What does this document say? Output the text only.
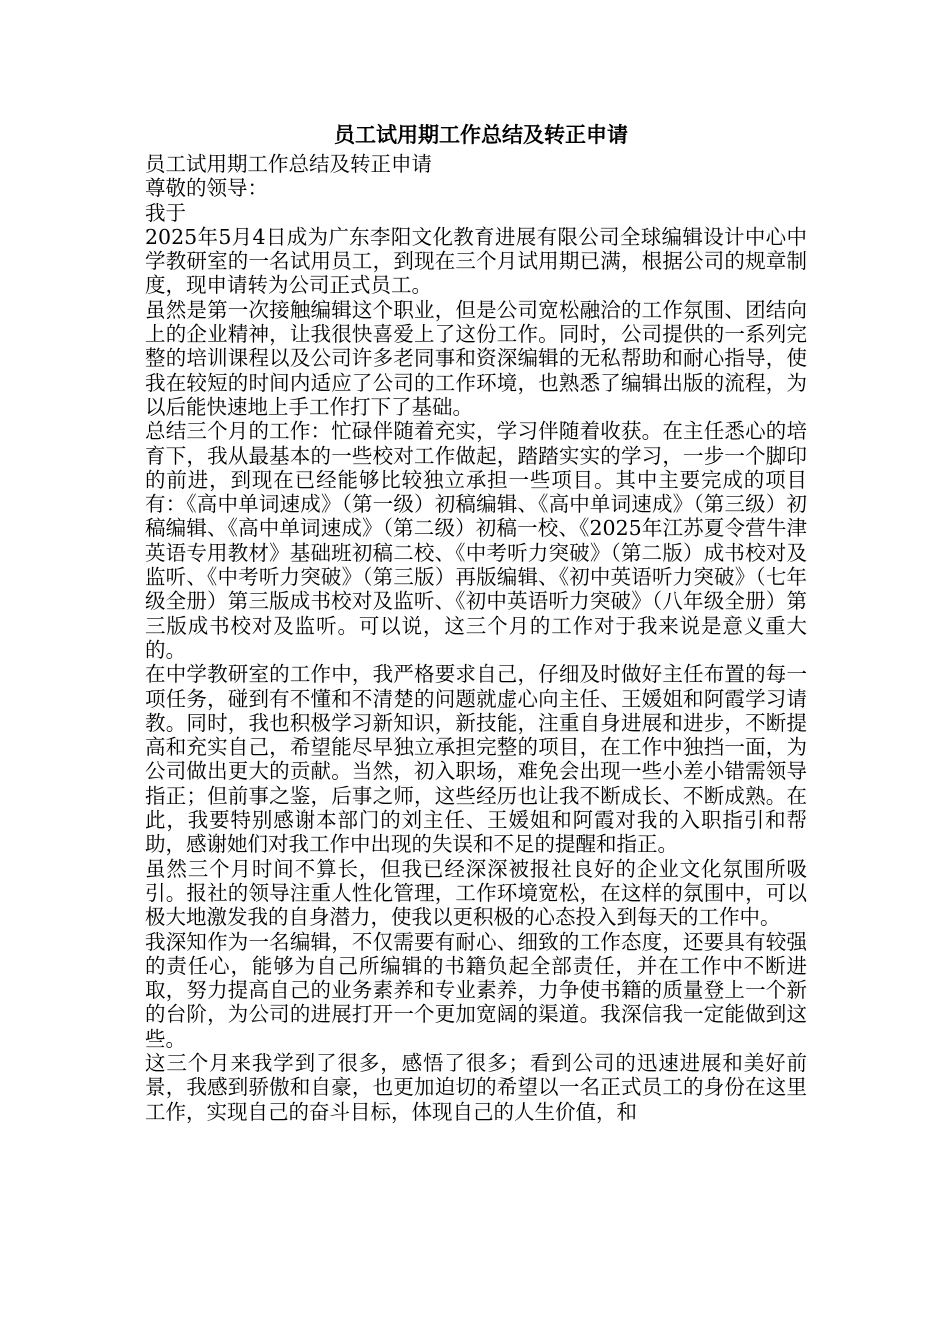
员工试用期工作总结及转正申请

员工试用期工作总结及转正申请

尊敬的领导：

我于

2025年5月4日成为广东李阳文化教育进展有限公司全球编辑设计中心中学教研室的一名试用员工，到现在三个月试用期已满，根据公司的规章制度，现申请转为公司正式员工。

虽然是第一次接触编辑这个职业，但是公司宽松融洽的工作氛围、团结向上的企业精神，让我很快喜爱上了这份工作。同时，公司提供的一系列完整的培训课程以及公司许多老同事和资深编辑的无私帮助和耐心指导，使我在较短的时间内适应了公司的工作环境，也熟悉了编辑出版的流程，为以后能快速地上手工作打下了基础。

总结三个月的工作：忙碌伴随着充实，学习伴随着收获。在主任悉心的培育下，我从最基本的一些校对工作做起，踏踏实实的学习，一步一个脚印的前进，到现在已经能够比较独立承担一些项目。其中主要完成的项目有：《高中单词速成》（第一级）初稿编辑、《高中单词速成》（第三级）初稿编辑、《高中单词速成》（第二级）初稿一校、《2025年江苏夏令营牛津英语专用教材》基础班初稿二校、《中考听力突破》（第二版）成书校对及监听、《中考听力突破》（第三版）再版编辑、《初中英语听力突破》（七年级全册）第三版成书校对及监听、《初中英语听力突破》（八年级全册）第三版成书校对及监听。可以说，这三个月的工作对于我来说是意义重大的。

在中学教研室的工作中，我严格要求自己，仔细及时做好主任布置的每一项任务，碰到有不懂和不清楚的问题就虚心向主任、王媛姐和阿霞学习请教。同时，我也积极学习新知识，新技能，注重自身进展和进步，不断提高和充实自己，希望能尽早独立承担完整的项目，在工作中独挡一面，为公司做出更大的贡献。当然，初入职场，难免会出现一些小差小错需领导指正；但前事之鉴，后事之师，这些经历也让我不断成长、不断成熟。在此，我要特别感谢本部门的刘主任、王媛姐和阿霞对我的入职指引和帮助，感谢她们对我工作中出现的失误和不足的提醒和指正。

虽然三个月时间不算长，但我已经深深被报社良好的企业文化氛围所吸引。报社的领导注重人性化管理，工作环境宽松，在这样的氛围中，可以极大地激发我的自身潜力，使我以更积极的心态投入到每天的工作中。

我深知作为一名编辑，不仅需要有耐心、细致的工作态度，还要具有较强的责任心，能够为自己所编辑的书籍负起全部责任，并在工作中不断进取，努力提高自己的业务素养和专业素养，力争使书籍的质量登上一个新的台阶，为公司的进展打开一个更加宽阔的渠道。我深信我一定能做到这些。

这三个月来我学到了很多，感悟了很多；看到公司的迅速进展和美好前景，我感到骄傲和自豪，也更加迫切的希望以一名正式员工的身份在这里工作，实现自己的奋斗目标，体现自己的人生价值，和
